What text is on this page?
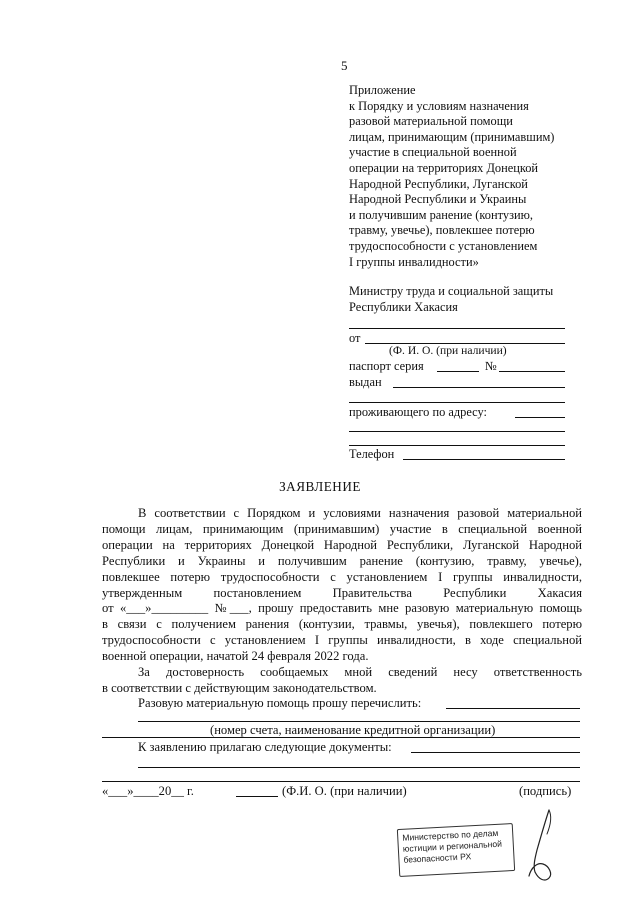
5
Приложение
к Порядку и условиям назначения
разовой материальной помощи
лицам, принимающим (принимавшим)
участие в специальной военной
операции на территориях Донецкой
Народной Республики, Луганской
Народной Республики и Украины
и получившим ранение (контузию,
травму, увечье), повлекшее потерю
трудоспособности с установлением
I группы инвалидности»
Министру труда и социальной защиты
Республики Хакасия
от
(Ф. И. О. (при наличии)
паспорт серия	№
выдан
проживающего по адресу:
Телефон
ЗАЯВЛЕНИЕ
В соответствии с Порядком и условиями назначения разовой материальной
помощи лицам, принимающим (принимавшим) участие в специальной военной
операции на территориях Донецкой Народной Республики, Луганской Народной
Республики и Украины и получившим ранение (контузию, травму, увечье),
повлекшее потерю трудоспособности с установлением I группы инвалидности,
утвержденным постановлением Правительства Республики Хакасия
от «___»_________ №___, прошу предоставить мне разовую материальную помощь
в связи с получением ранения (контузии, травмы, увечья), повлекшего потерю
трудоспособности с установлением I группы инвалидности, в ходе специальной
военной операции, начатой 24 февраля 2022 года.
За достоверность сообщаемых мной сведений несу ответственность
в соответствии с действующим законодательством.
Разовую материальную помощь прошу перечислить:
(номер счета, наименование кредитной организации)
К заявлению прилагаю следующие документы:
«___»____20__ г.	(Ф.И. О. (при наличии)	(подпись)
Министерство по делам
юстиции и региональной
безопасности РХ
